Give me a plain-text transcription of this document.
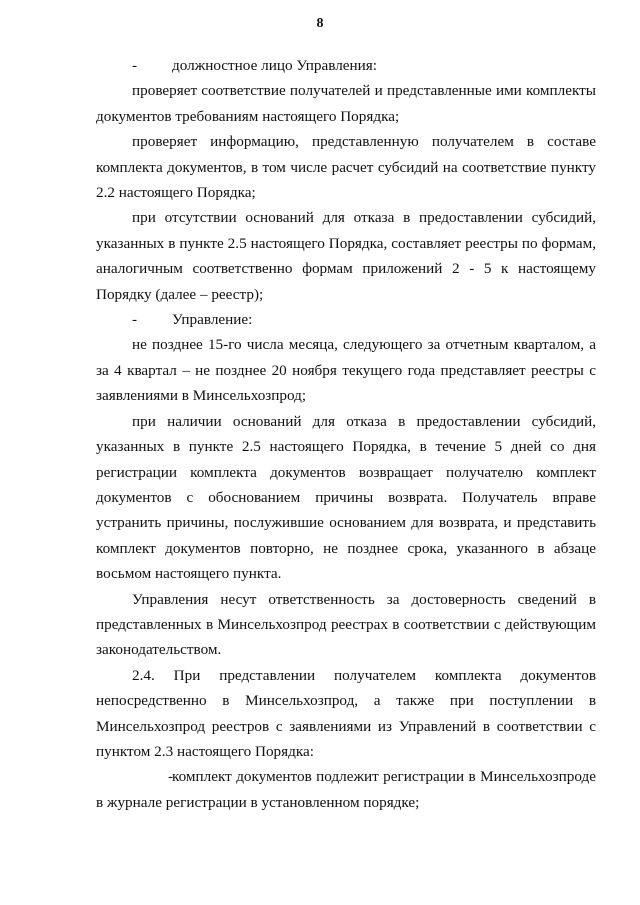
8

- должностное лицо Управления:

проверяет соответствие получателей и представленные ими комплекты документов требованиям настоящего Порядка;

проверяет информацию, представленную получателем в составе комплекта документов, в том числе расчет субсидий на соответствие пункту 2.2 настоящего Порядка;

при отсутствии оснований для отказа в предоставлении субсидий, указанных в пункте 2.5 настоящего Порядка, составляет реестры по формам, аналогичным соответственно формам приложений 2 - 5 к настоящему Порядку (далее – реестр);

- Управление:

не позднее 15-го числа месяца, следующего за отчетным кварталом, а за 4 квартал – не позднее 20 ноября текущего года представляет реестры с заявлениями в Минсельхозпрод;

при наличии оснований для отказа в предоставлении субсидий, указанных в пункте 2.5 настоящего Порядка, в течение 5 дней со дня регистрации комплекта документов возвращает получателю комплект документов с обоснованием причины возврата. Получатель вправе устранить причины, послужившие основанием для возврата, и представить комплект документов повторно, не позднее срока, указанного в абзаце восьмом настоящего пункта.

Управления несут ответственность за достоверность сведений в представленных в Минсельхозпрод реестрах в соответствии с действующим законодательством.

2.4. При представлении получателем комплекта документов непосредственно в Минсельхозпрод, а также при поступлении в Минсельхозпрод реестров с заявлениями из Управлений в соответствии с пунктом 2.3 настоящего Порядка:

-комплект документов подлежит регистрации в Минсельхозпроде в журнале регистрации в установленном порядке;
